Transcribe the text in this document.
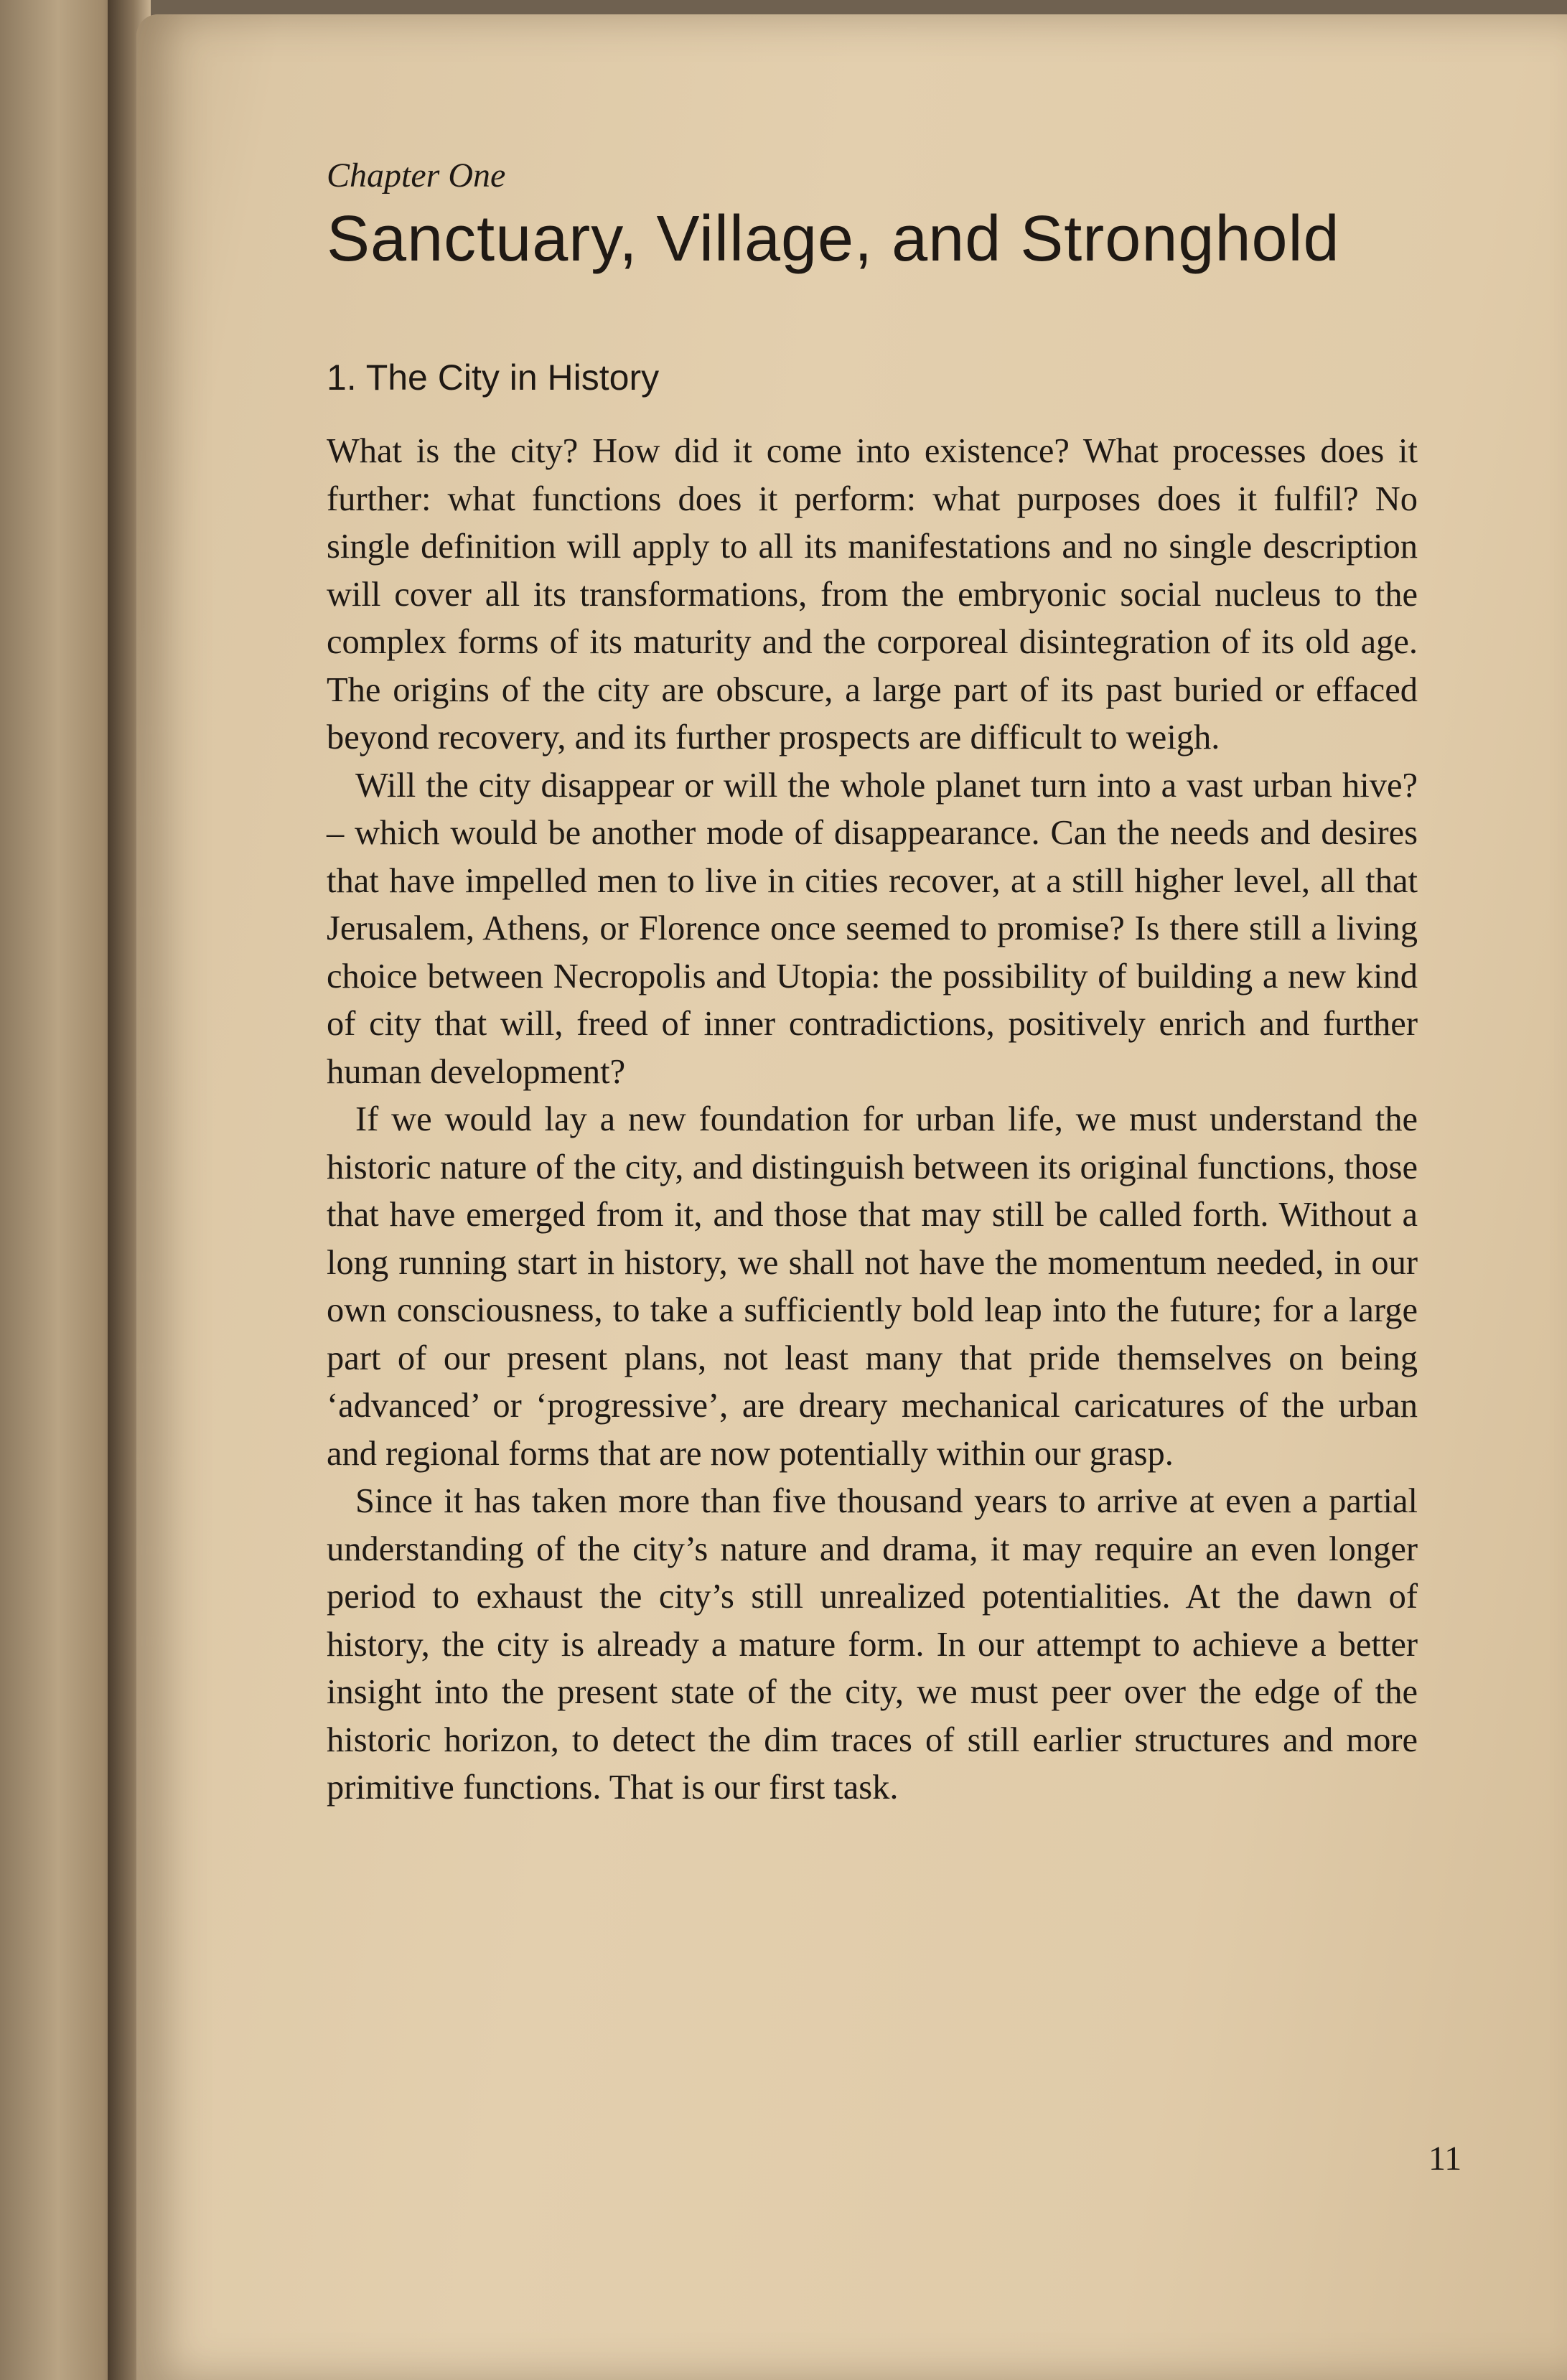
Chapter One

Sanctuary, Village, and Stronghold
1. The City in History

What is the city? How did it come into existence? What processes does it further: what functions does it perform: what purposes does it fulfil? No single definition will apply to all its manifestations and no single description will cover all its transformations, from the embryonic social nucleus to the complex forms of its maturity and the corporeal disintegration of its old age. The origins of the city are obscure, a large part of its past buried or effaced beyond recovery, and its further prospects are difficult to weigh.

Will the city disappear or will the whole planet turn into a vast urban hive? – which would be another mode of disappearance. Can the needs and desires that have impelled men to live in cities recover, at a still higher level, all that Jerusalem, Athens, or Florence once seemed to promise? Is there still a living choice between Necropolis and Utopia: the possibility of building a new kind of city that will, freed of inner contradictions, positively enrich and further human development?

If we would lay a new foundation for urban life, we must understand the historic nature of the city, and distinguish between its original functions, those that have emerged from it, and those that may still be called forth. Without a long running start in history, we shall not have the momentum needed, in our own consciousness, to take a sufficiently bold leap into the future; for a large part of our present plans, not least many that pride themselves on being ‘advanced’ or ‘progressive’, are dreary mechanical caricatures of the urban and regional forms that are now potentially within our grasp.

Since it has taken more than five thousand years to arrive at even a partial understanding of the city’s nature and drama, it may require an even longer period to exhaust the city’s still unrealized potentialities. At the dawn of history, the city is already a mature form. In our attempt to achieve a better insight into the present state of the city, we must peer over the edge of the historic horizon, to detect the dim traces of still earlier structures and more primitive functions. That is our first task.

11
